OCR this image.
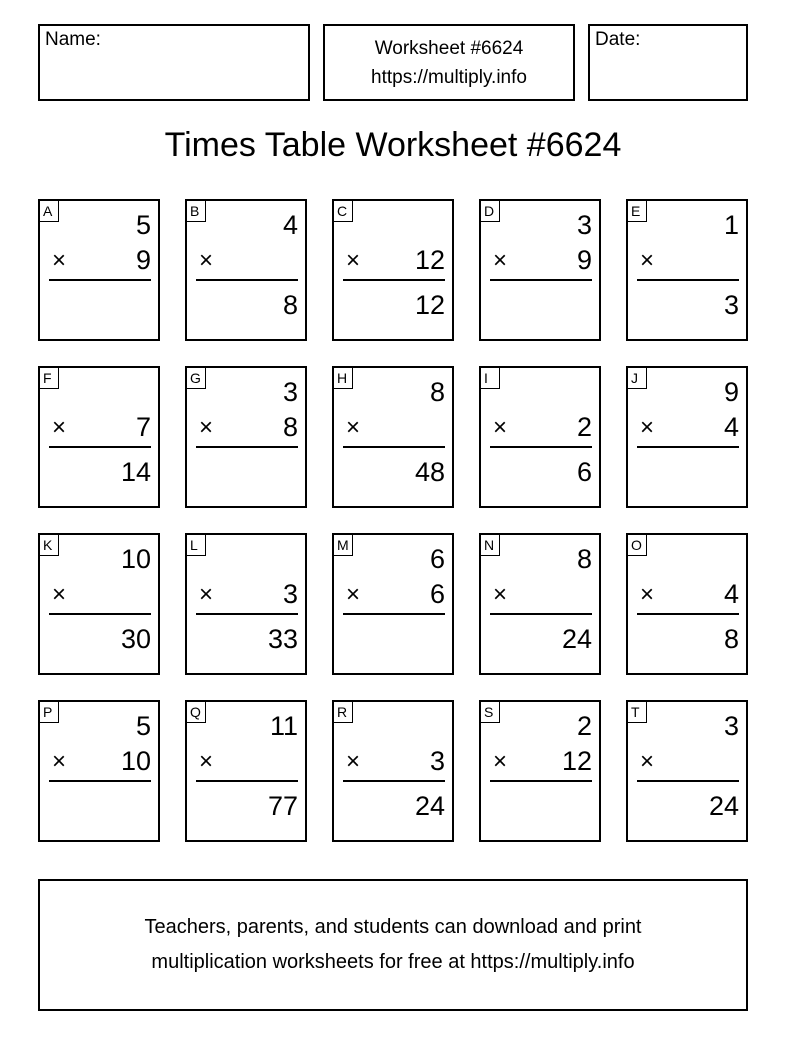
Name:	Worksheet #6624
https://multiply.info
Date:
Times Table Worksheet #6624
A	5
×	9
B	4
×
8
C
× 12
12
D	3
×	9
E	1
×
3
F
×	7
14
G	3
×	8
H	8
×
48
I
×	2
6
J	9
×	4
K	10
×
30
L
×	3
33
M	6
×	6
N	8
×
24
O
×	4
8
P	5
× 10
Q	11
×
77
R
×	3
24
S	2
× 12
T	3
×
24
Teachers, parents, and students can download and print
multiplication worksheets for free at https://multiply.info
